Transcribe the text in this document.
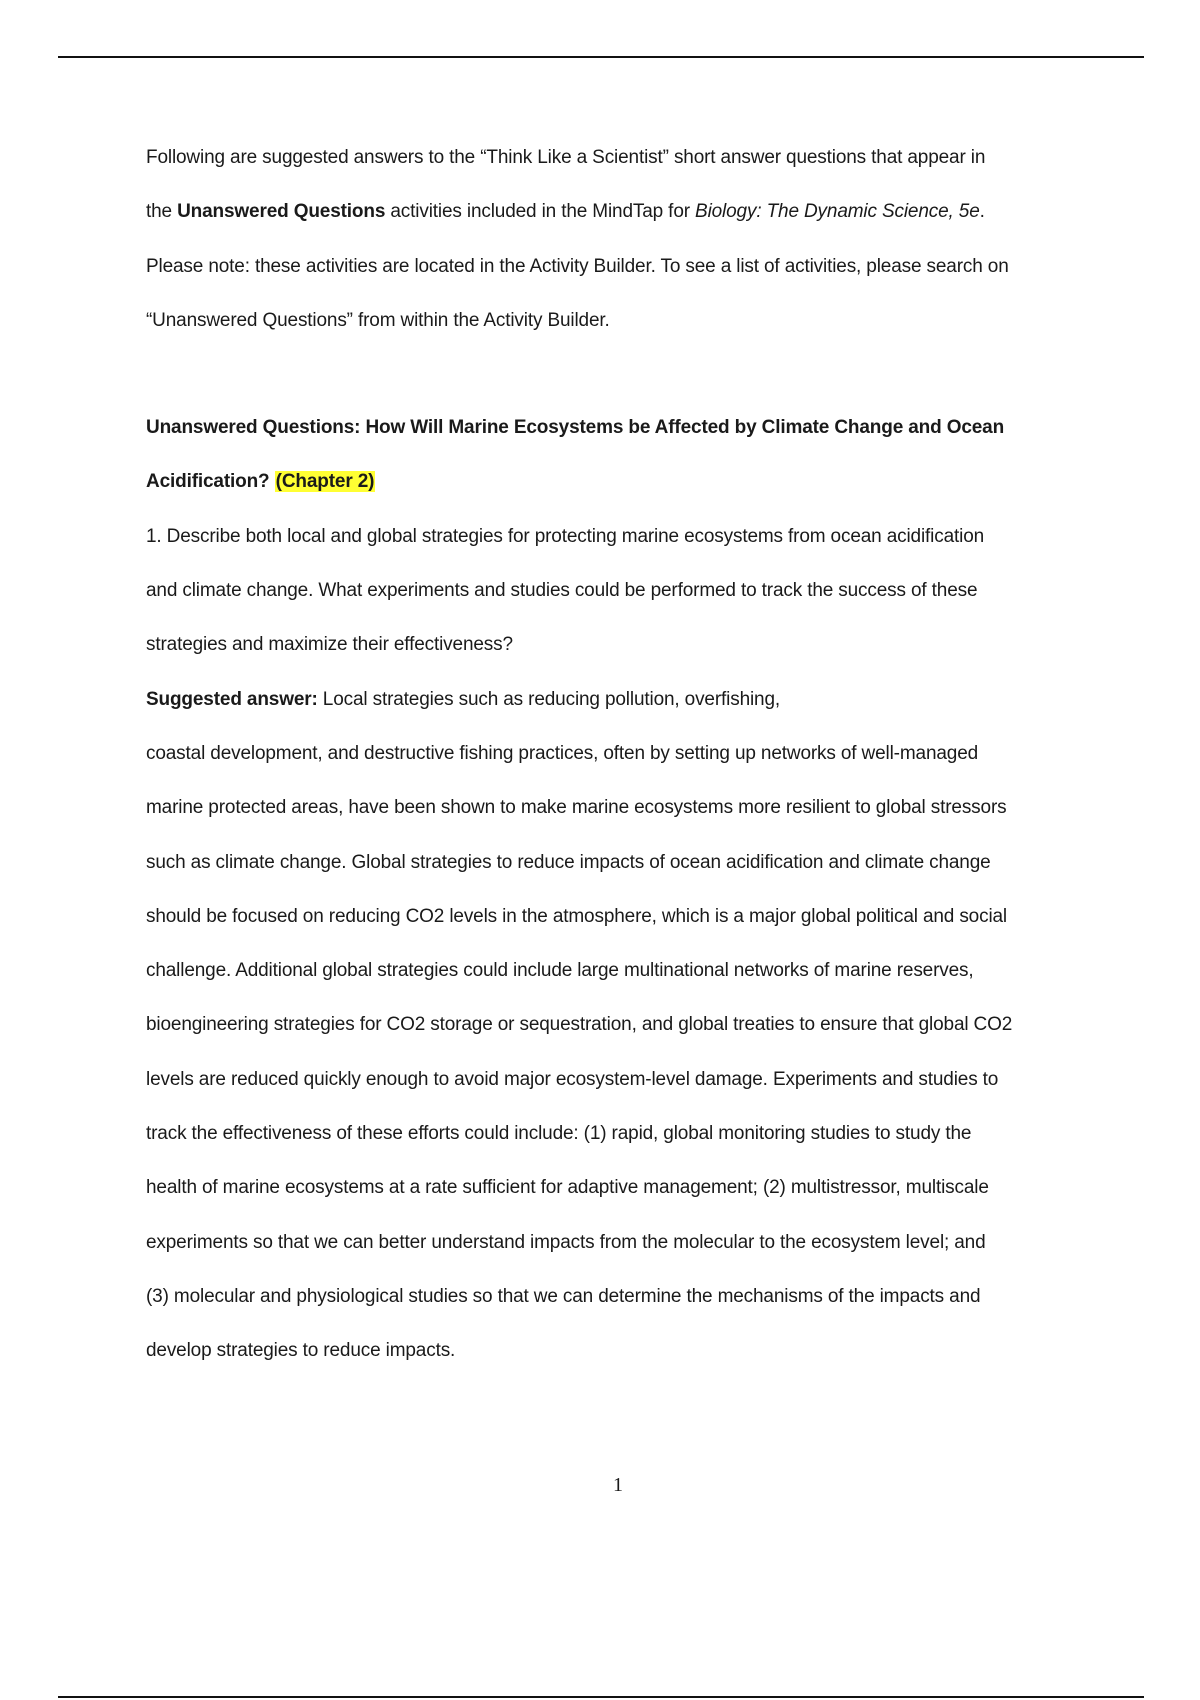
Following are suggested answers to the “Think Like a Scientist” short answer questions that appear in
the Unanswered Questions activities included in the MindTap for Biology: The Dynamic Science, 5e.
Please note: these activities are located in the Activity Builder. To see a list of activities, please search on
“Unanswered Questions” from within the Activity Builder.
Unanswered Questions: How Will Marine Ecosystems be Affected by Climate Change and Ocean
Acidification? (Chapter 2)
1. Describe both local and global strategies for protecting marine ecosystems from ocean acidification
and climate change. What experiments and studies could be performed to track the success of these
strategies and maximize their effectiveness?
Suggested answer: Local strategies such as reducing pollution, overfishing,
coastal development, and destructive fishing practices, often by setting up networks of well-managed
marine protected areas, have been shown to make marine ecosystems more resilient to global stressors
such as climate change. Global strategies to reduce impacts of ocean acidification and climate change
should be focused on reducing CO2 levels in the atmosphere, which is a major global political and social
challenge. Additional global strategies could include large multinational networks of marine reserves,
bioengineering strategies for CO2 storage or sequestration, and global treaties to ensure that global CO2
levels are reduced quickly enough to avoid major ecosystem-level damage. Experiments and studies to
track the effectiveness of these efforts could include: (1) rapid, global monitoring studies to study the
health of marine ecosystems at a rate sufficient for adaptive management; (2) multistressor, multiscale
experiments so that we can better understand impacts from the molecular to the ecosystem level; and
(3) molecular and physiological studies so that we can determine the mechanisms of the impacts and
develop strategies to reduce impacts.
1
